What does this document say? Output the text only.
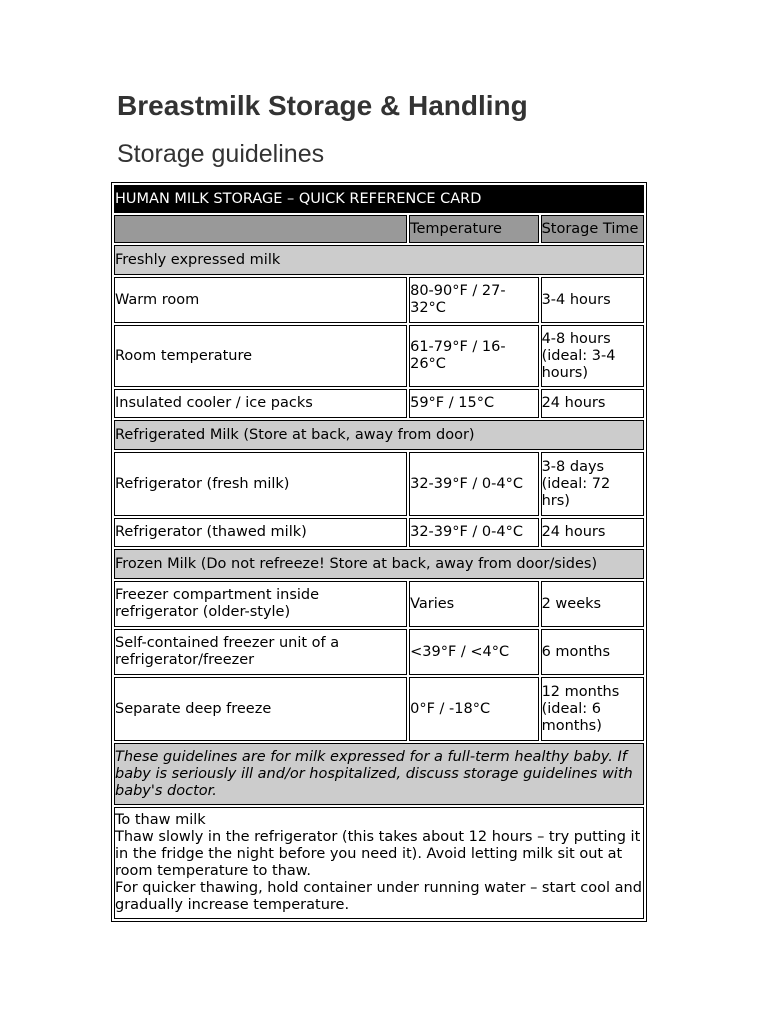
Breastmilk Storage & Handling
Storage guidelines
HUMAN MILK STORAGE – QUICK REFERENCE CARD		
	Temperature	Storage Time
Freshly expressed milk		
Warm room	80-90°F / 27-32°C	3-4 hours
Room temperature	61-79°F / 16-26°C	4-8 hours (ideal: 3-4 hours)
Insulated cooler / ice packs	59°F / 15°C	24 hours
Refrigerated Milk (Store at back, away from door)		
Refrigerator (fresh milk)	32-39°F / 0-4°C	3-8 days (ideal: 72 hrs)
Refrigerator (thawed milk)	32-39°F / 0-4°C	24 hours
Frozen Milk (Do not refreeze! Store at back, away from door/sides)		
Freezer compartment inside refrigerator (older-style)	Varies	2 weeks
Self-contained freezer unit of a refrigerator/freezer	<39°F / <4°C	6 months
Separate deep freeze	0°F / -18°C	12 months (ideal: 6 months)
These guidelines are for milk expressed for a full-term healthy baby. If baby is seriously ill and/or hospitalized, discuss storage guidelines with baby's doctor.		

To thaw milk
Thaw slowly in the refrigerator (this takes about 12 hours – try putting it in the fridge the night before you need it). Avoid letting milk sit out at room temperature to thaw.
For quicker thawing, hold container under running water – start cool and gradually increase temperature.		
